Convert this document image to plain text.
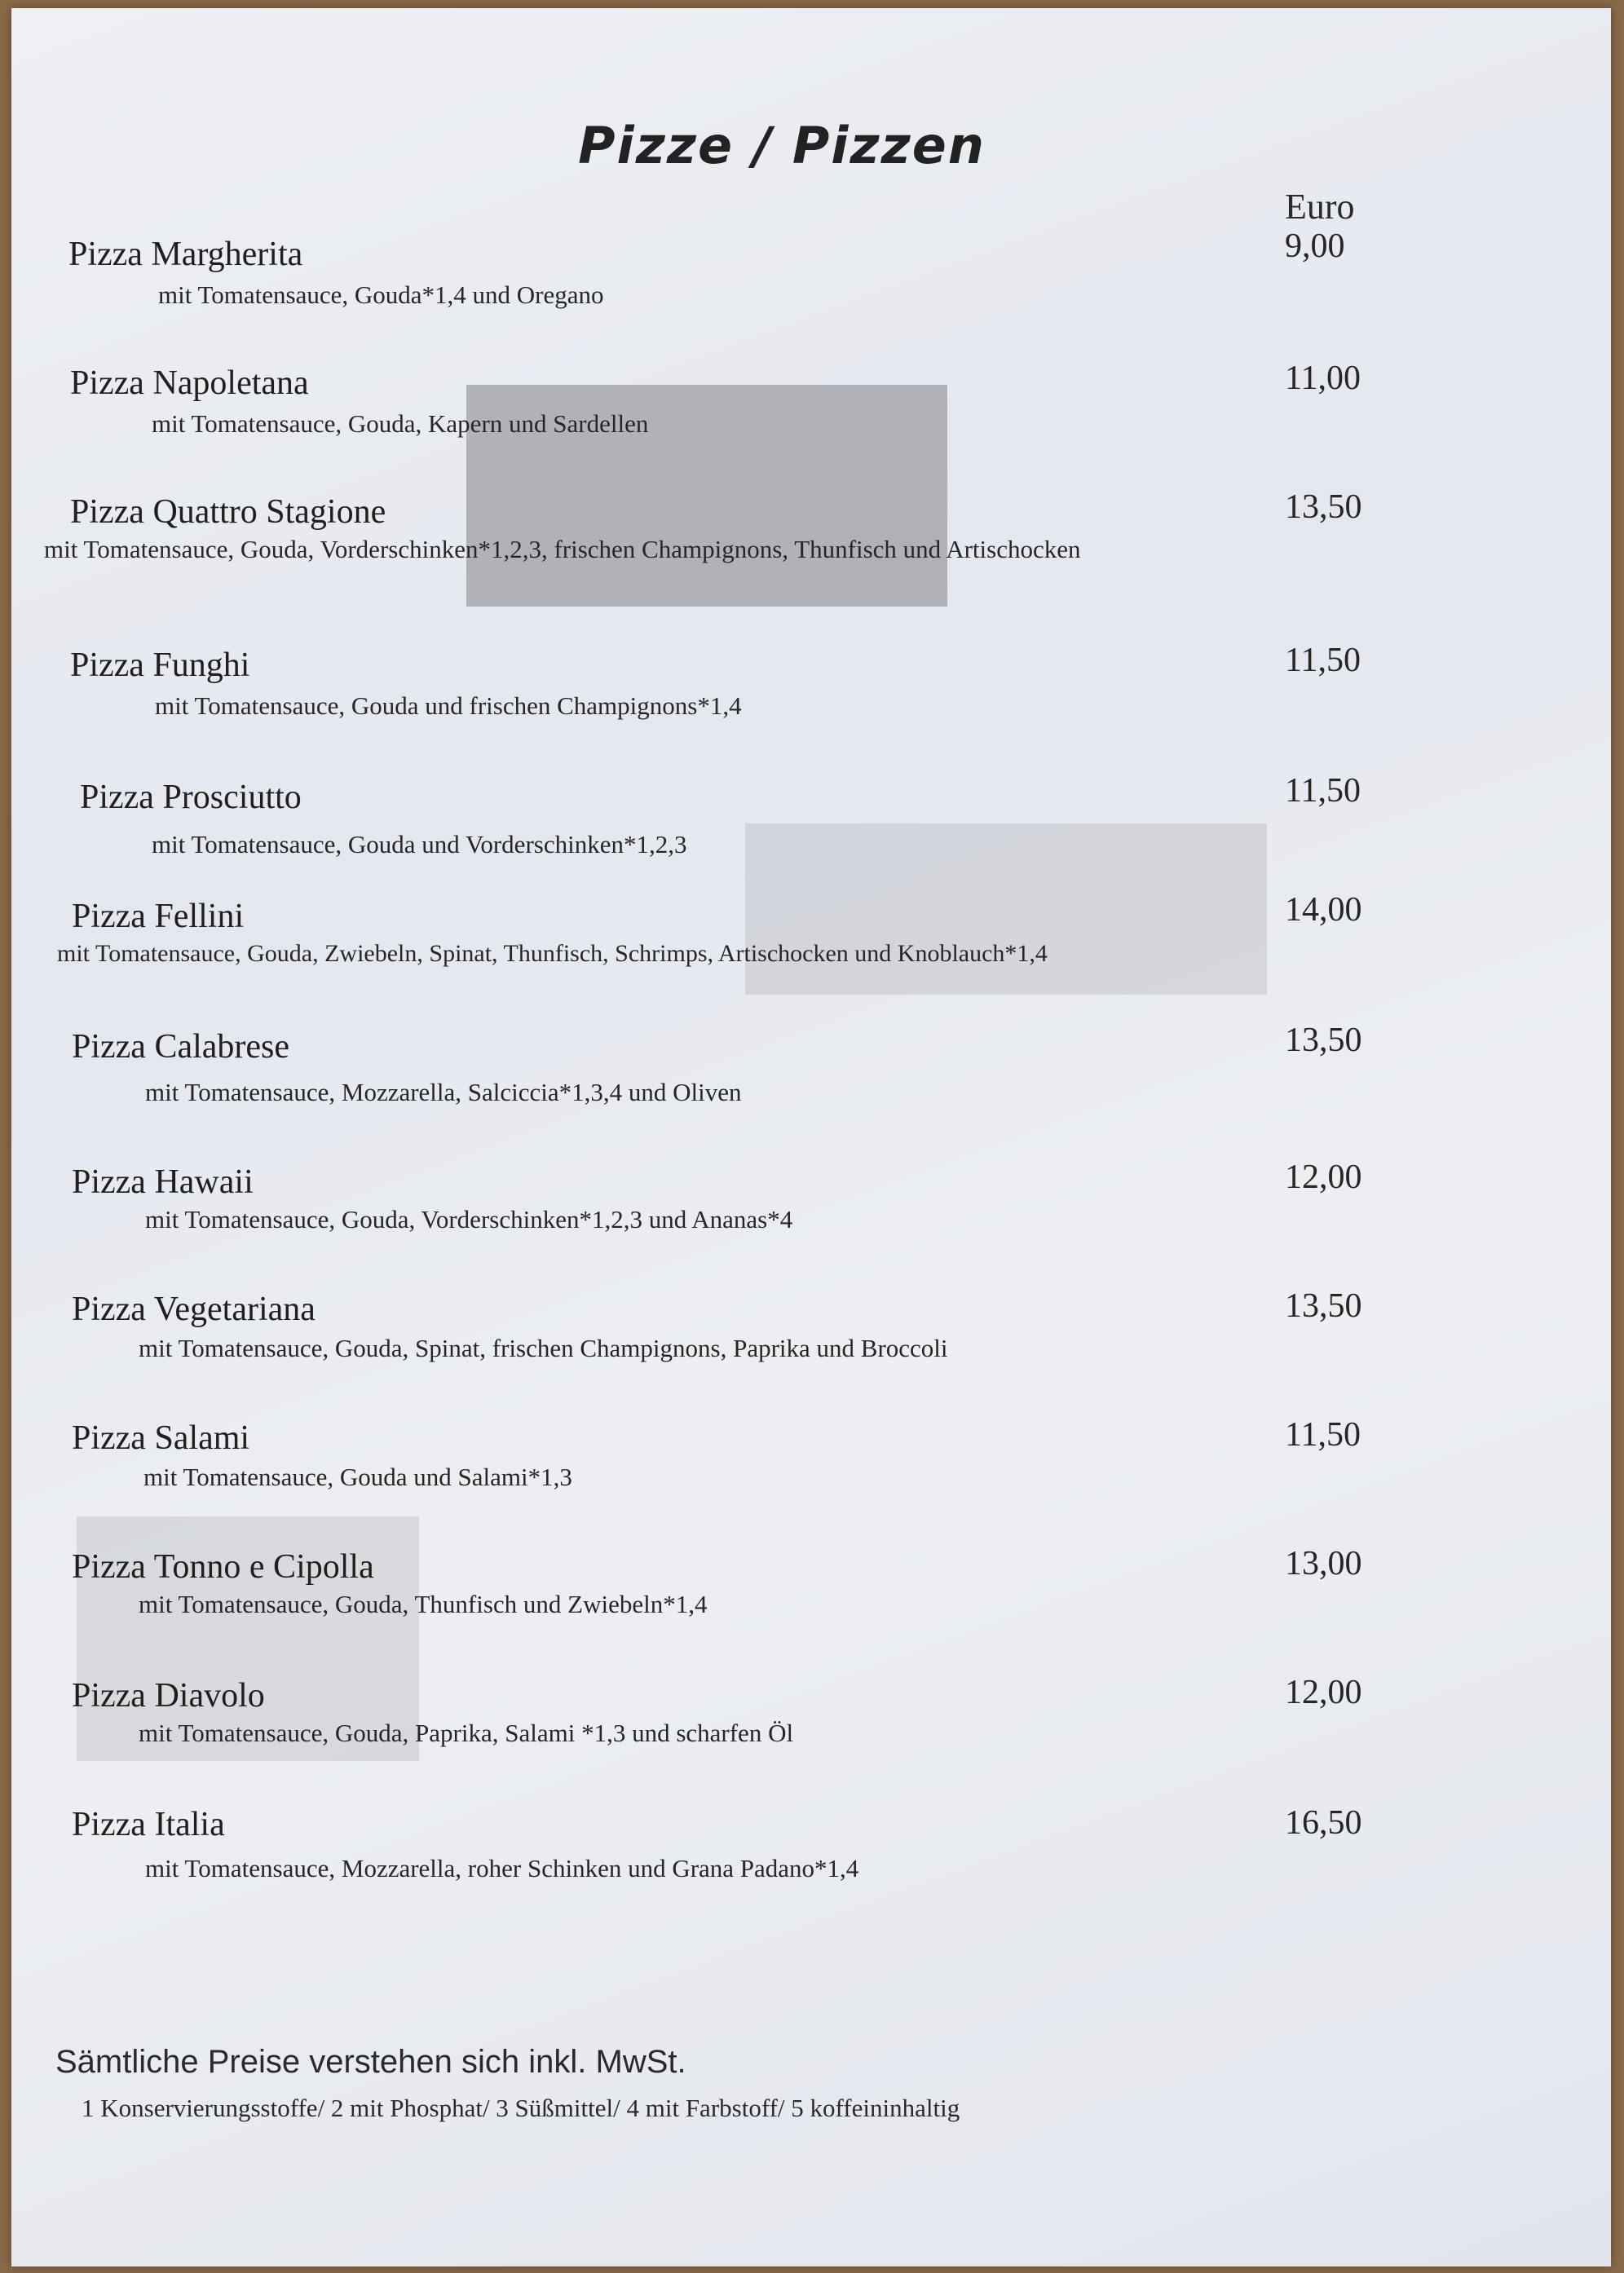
Pizze / Pizzen
Euro
Pizza Margherita
mit Tomatensauce, Gouda*1,4 und Oregano
9,00
Pizza Napoletana
mit Tomatensauce, Gouda, Kapern und Sardellen
11,00
Pizza Quattro Stagione
mit Tomatensauce, Gouda, Vorderschinken*1,2,3, frischen Champignons, Thunfisch und Artischocken
13,50
Pizza Funghi
mit Tomatensauce, Gouda und frischen Champignons*1,4
11,50
Pizza Prosciutto
mit Tomatensauce, Gouda und Vorderschinken*1,2,3
11,50
Pizza Fellini
mit Tomatensauce, Gouda, Zwiebeln, Spinat, Thunfisch, Schrimps, Artischocken und Knoblauch*1,4
14,00
Pizza Calabrese
mit Tomatensauce, Mozzarella, Salciccia*1,3,4 und Oliven
13,50
Pizza Hawaii
mit Tomatensauce, Gouda, Vorderschinken*1,2,3 und Ananas*4
12,00
Pizza Vegetariana
mit Tomatensauce, Gouda, Spinat, frischen Champignons, Paprika und Broccoli
13,50
Pizza Salami
mit Tomatensauce, Gouda und Salami*1,3
11,50
Pizza Tonno e Cipolla
mit Tomatensauce, Gouda, Thunfisch und Zwiebeln*1,4
13,00
Pizza Diavolo
mit Tomatensauce, Gouda, Paprika, Salami *1,3 und scharfen Öl
12,00
Pizza Italia
mit Tomatensauce, Mozzarella, roher Schinken und Grana Padano*1,4
16,50
Sämtliche Preise verstehen sich inkl. MwSt.
1 Konservierungsstoffe/ 2 mit Phosphat/ 3 Süßmittel/ 4 mit Farbstoff/ 5 koffeininhaltig
